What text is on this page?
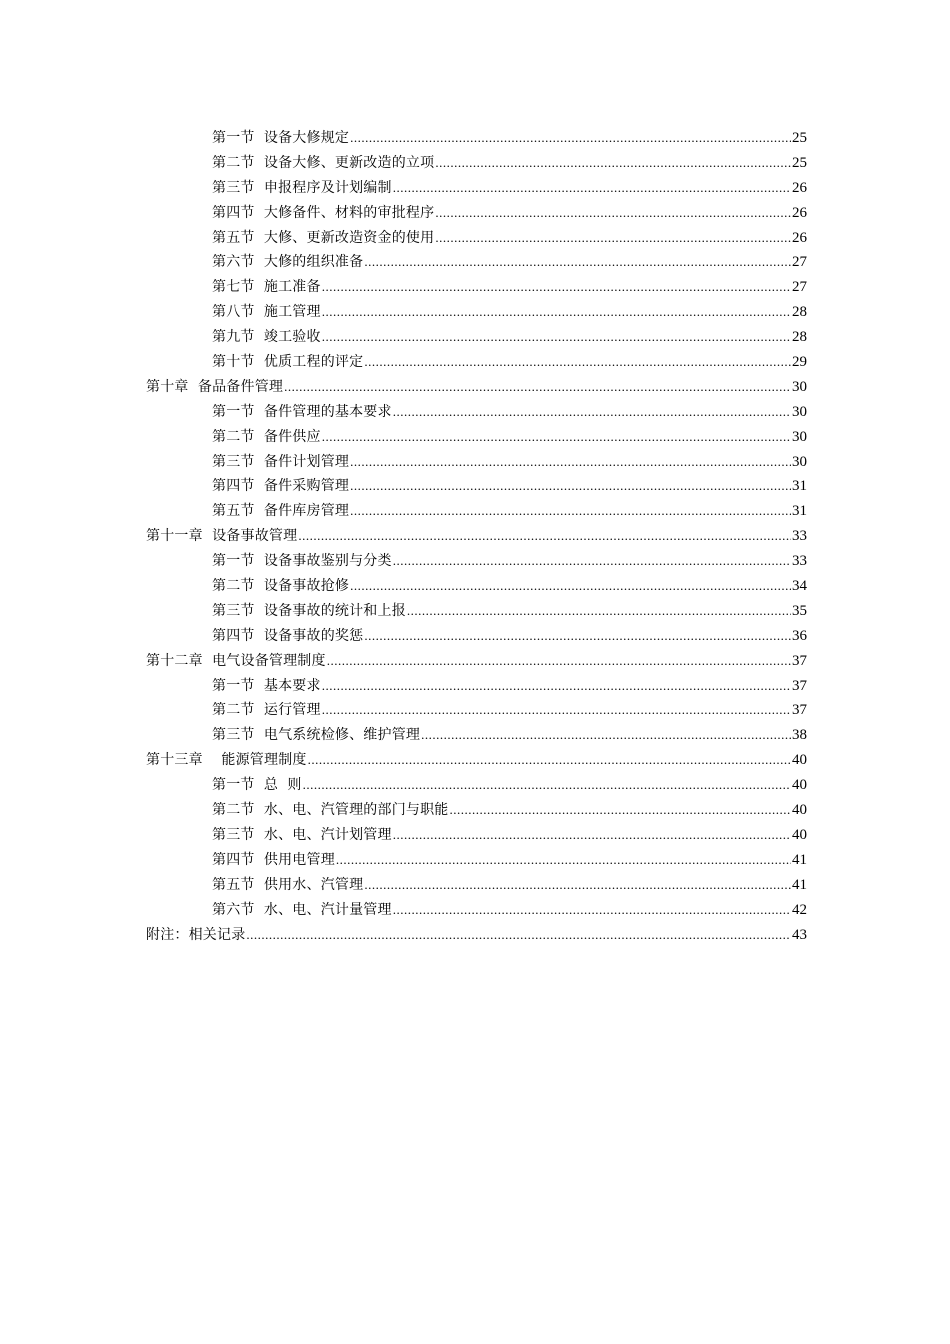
第一节  设备大修规定 .....	25
第二节  设备大修、更新改造的立项 .....	25
第三节  申报程序及计划编制 .....	26
第四节  大修备件、材料的审批程序 .....	26
第五节  大修、更新改造资金的使用 .....	26
第六节  大修的组织准备 .....	27
第七节  施工准备 .....	27
第八节  施工管理 .....	28
第九节  竣工验收 .....	28
第十节  优质工程的评定 .....	29
第十章  备品备件管理 .....	30
第一节  备件管理的基本要求 .....	30
第二节  备件供应 .....	30
第三节  备件计划管理 .....	30
第四节  备件采购管理 .....	31
第五节  备件库房管理 .....	31
第十一章  设备事故管理 .....	33
第一节  设备事故鉴别与分类 .....	33
第二节  设备事故抢修 .....	34
第三节  设备事故的统计和上报 .....	35
第四节  设备事故的奖惩 .....	36
第十二章  电气设备管理制度 .....	37
第一节  基本要求 .....	37
第二节  运行管理 .....	37
第三节  电气系统检修、维护管理 .....	38
第十三章    能源管理制度 .....	40
第一节  总  则 .....	40
第二节  水、电、汽管理的部门与职能 .....	40
第三节  水、电、汽计划管理 .....	40
第四节  供用电管理 .....	41
第五节  供用水、汽管理 .....	41
第六节  水、电、汽计量管理 .....	42
附注：相关记录 .....	43
